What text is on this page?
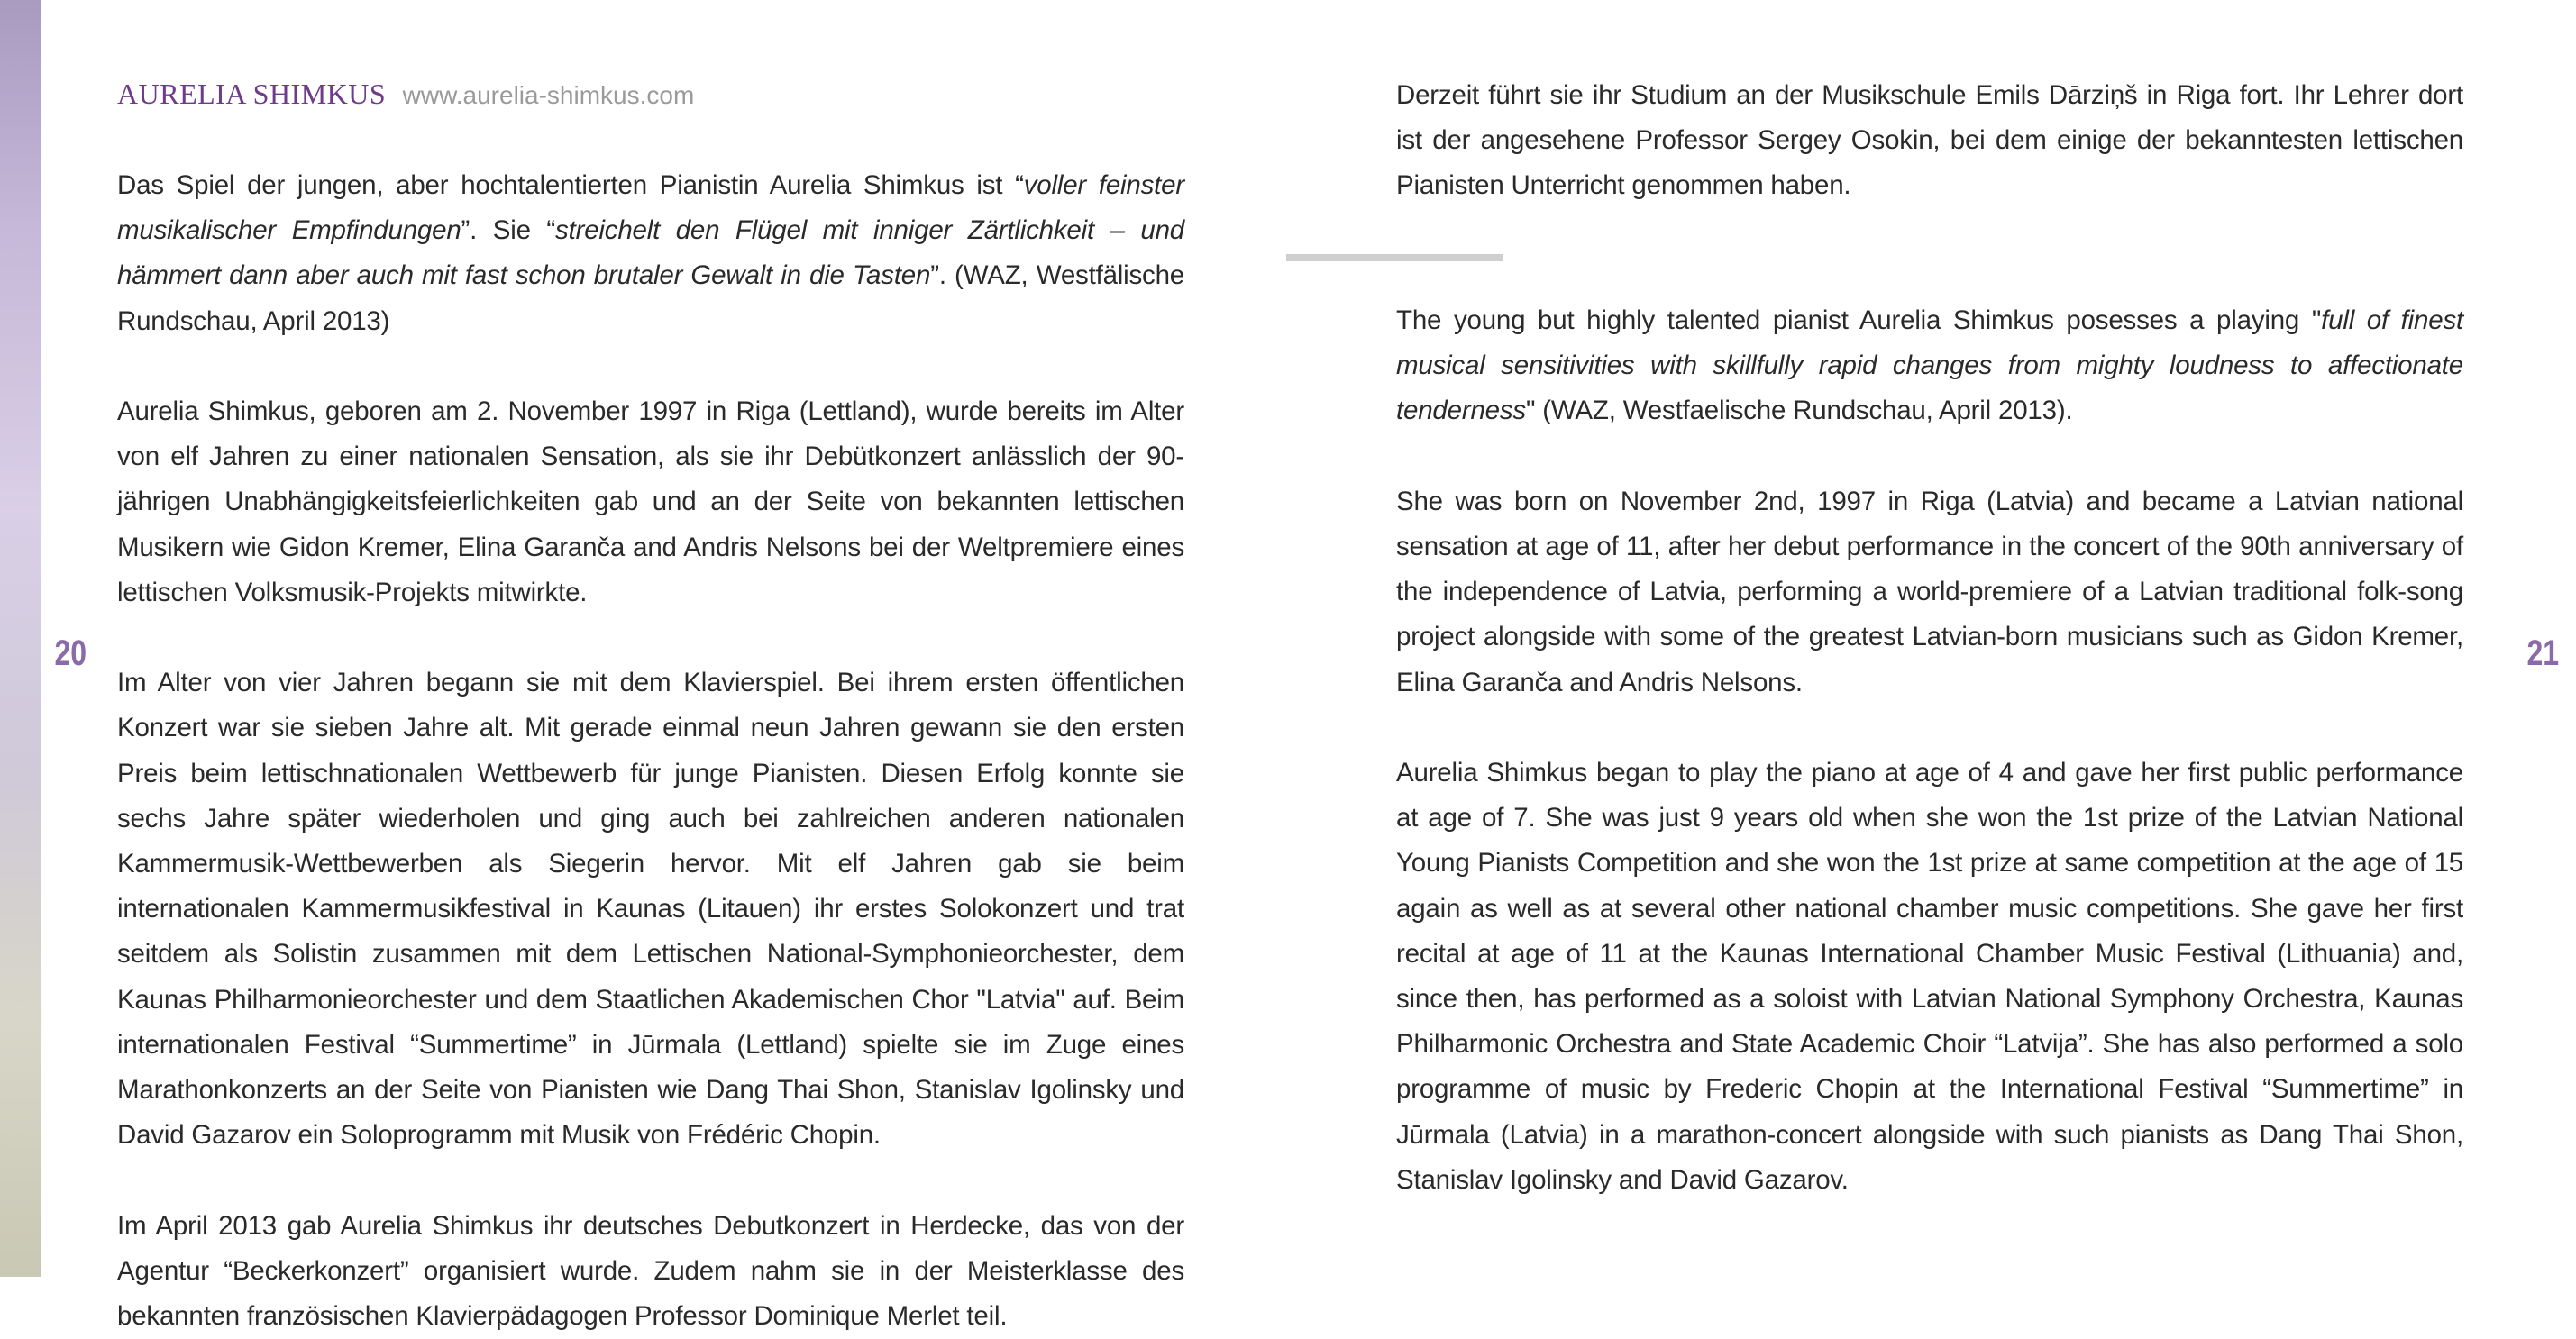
AURELIA SHIMKUS www.aurelia-shimkus.com

Das Spiel der jungen, aber hochtalentierten Pianistin Aurelia Shimkus ist “voller feinster musikalischer Empfindungen”. Sie “streichelt den Flügel mit inniger Zärtlichkeit – und hämmert dann aber auch mit fast schon brutaler Gewalt in die Tasten”. (WAZ, Westfälische Rundschau, April 2013)

Aurelia Shimkus, geboren am 2. November 1997 in Riga (Lettland), wurde bereits im Alter von elf Jahren zu einer nationalen Sensation, als sie ihr Debütkonzert anlässlich der 90-jährigen Unabhängigkeitsfeierlichkeiten gab und an der Seite von bekannten lettischen Musikern wie Gidon Kremer, Elina Garanča and Andris Nelsons bei der Weltpremiere eines lettischen Volksmusik-Projekts mitwirkte.

Im Alter von vier Jahren begann sie mit dem Klavierspiel. Bei ihrem ersten öffentlichen Konzert war sie sieben Jahre alt. Mit gerade einmal neun Jahren gewann sie den ersten Preis beim lettischnationalen Wettbewerb für junge Pianisten. Diesen Erfolg konnte sie sechs Jahre später wiederholen und ging auch bei zahlreichen anderen nationalen Kammermusik-Wettbewerben als Siegerin hervor. Mit elf Jahren gab sie beim internationalen Kammermusikfestival in Kaunas (Litauen) ihr erstes Solokonzert und trat seitdem als Solistin zusammen mit dem Lettischen National-Symphonieorchester, dem Kaunas Philharmonieorchester und dem Staatlichen Akademischen Chor "Latvia" auf. Beim internationalen Festival “Summertime” in Jūrmala (Lettland) spielte sie im Zuge eines Marathonkonzerts an der Seite von Pianisten wie Dang Thai Shon, Stanislav Igolinsky und David Gazarov ein Soloprogramm mit Musik von Frédéric Chopin.

Im April 2013 gab Aurelia Shimkus ihr deutsches Debutkonzert in Herdecke, das von der Agentur “Beckerkonzert” organisiert wurde. Zudem nahm sie in der Meisterklasse des bekannten französischen Klavierpädagogen Professor Dominique Merlet teil.

20

Derzeit führt sie ihr Studium an der Musikschule Emils Dārziņš in Riga fort. Ihr Lehrer dort ist der angesehene Professor Sergey Osokin, bei dem einige der bekanntesten lettischen Pianisten Unterricht genommen haben.

The young but highly talented pianist Aurelia Shimkus posesses a playing "full of finest musical sensitivities with skillfully rapid changes from mighty loudness to affectionate tenderness" (WAZ, Westfaelische Rundschau, April 2013).

She was born on November 2nd, 1997 in Riga (Latvia) and became a Latvian national sensation at age of 11, after her debut performance in the concert of the 90th anniversary of the independence of Latvia, performing a world-premiere of a Latvian traditional folk-song project alongside with some of the greatest Latvian-born musicians such as Gidon Kremer, Elina Garanča and Andris Nelsons.

Aurelia Shimkus began to play the piano at age of 4 and gave her first public performance at age of 7. She was just 9 years old when she won the 1st prize of the Latvian National Young Pianists Competition and she won the 1st prize at same competition at the age of 15 again as well as at several other national chamber music competitions. She gave her first recital at age of 11 at the Kaunas International Chamber Music Festival (Lithuania) and, since then, has performed as a soloist with Latvian National Symphony Orchestra, Kaunas Philharmonic Orchestra and State Academic Choir “Latvija”. She has also performed a solo programme of music by Frederic Chopin at the International Festival “Summertime” in Jūrmala (Latvia) in a marathon-concert alongside with such pianists as Dang Thai Shon, Stanislav Igolinsky and David Gazarov.

21
